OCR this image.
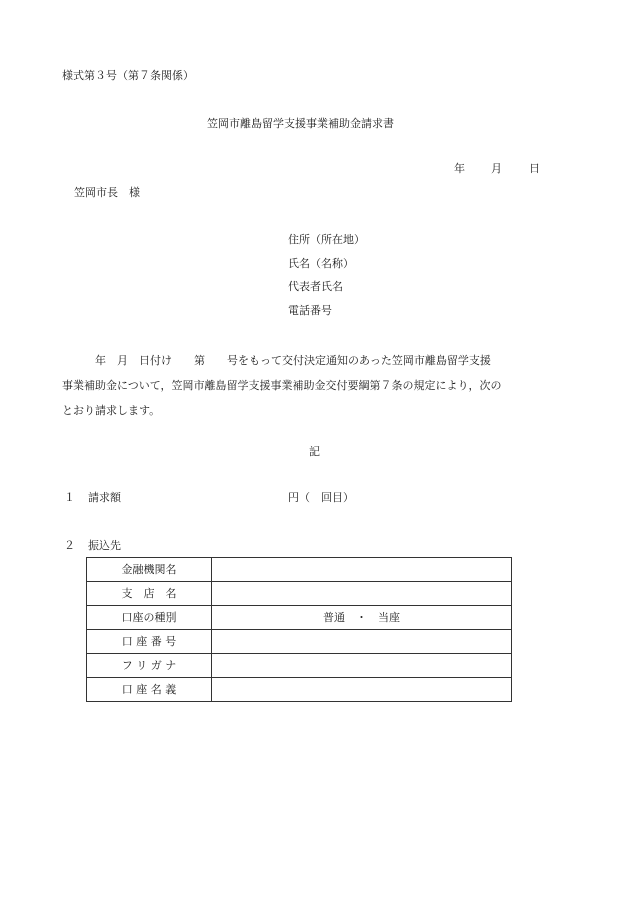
様式第３号（第７条関係）
笠岡市離島留学支援事業補助金請求書
年 月 日
笠岡市長　様
住所（所在地）
氏名（名称）
代表者氏名
電話番号
　　　年　月　日付け　　第　　号をもって交付決定通知のあった笠岡市離島留学支援
事業補助金について，笠岡市離島留学支援事業補助金交付要綱第７条の規定により，次の
とおり請求します。
記
１ 請求額	円（　回目）
２ 振込先
金融機関名	
支　店　名	
口座の種別	普通　・　当座
口 座 番 号	
フ リ ガ ナ	
口 座 名 義	
